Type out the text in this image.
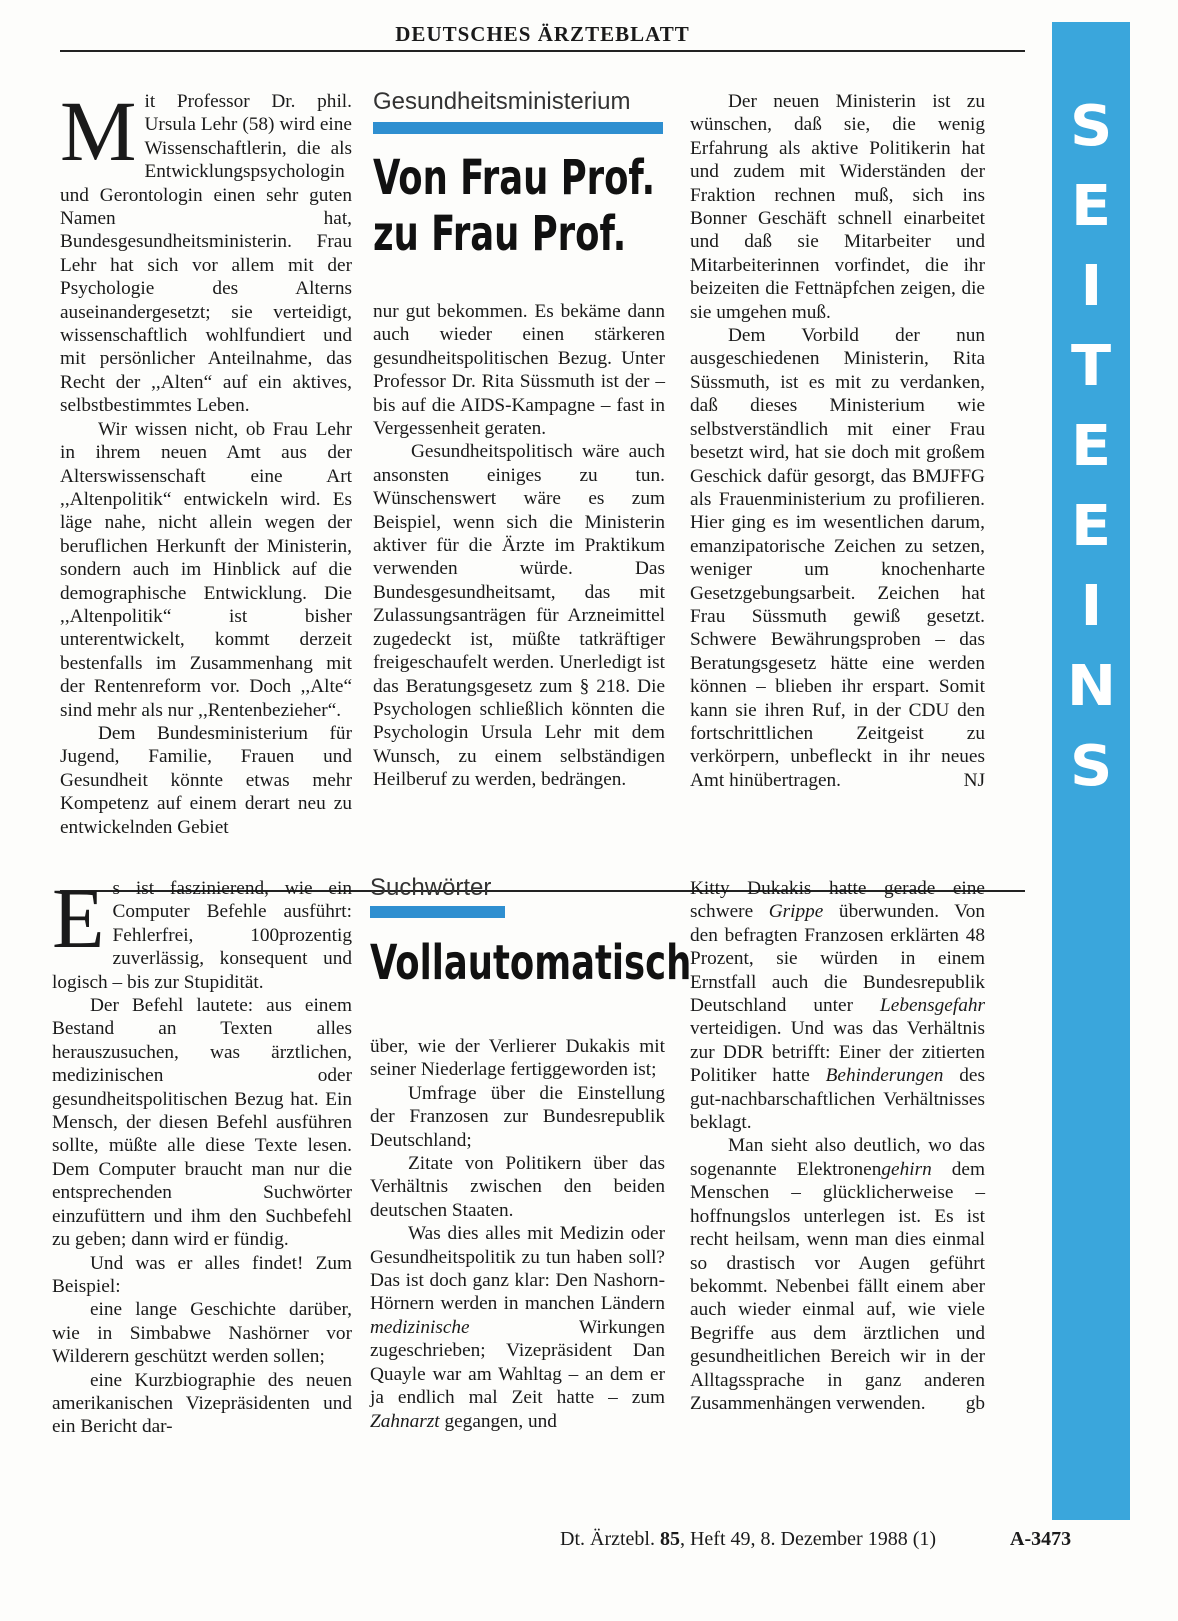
DEUTSCHES ÄRZTEBLATT
S
E
I
T
E
E
I
N
S

Mit Professor Dr. phil. Ursula Lehr (58) wird eine Wissenschaftlerin, die als Entwicklungspsychologin und Gerontologin einen sehr guten Namen hat, Bundesgesundheitsministerin. Frau Lehr hat sich vor allem mit der Psychologie des Alterns auseinandergesetzt; sie verteidigt, wissenschaftlich wohlfundiert und mit persönlicher Anteilnahme, das Recht der ,,Alten“ auf ein aktives, selbstbestimmtes Leben.

Wir wissen nicht, ob Frau Lehr in ihrem neuen Amt aus der Alterswissenschaft eine Art ,,Altenpolitik“ entwickeln wird. Es läge nahe, nicht allein wegen der beruflichen Herkunft der Ministerin, sondern auch im Hinblick auf die demographische Entwicklung. Die ,,Altenpolitik“ ist bisher unterentwickelt, kommt derzeit bestenfalls im Zusammenhang mit der Rentenreform vor. Doch ,,Alte“ sind mehr als nur ,,Rentenbezieher“.

Dem Bundesministerium für Jugend, Familie, Frauen und Gesundheit könnte etwas mehr Kompetenz auf einem derart neu zu entwickelnden Gebiet

Gesundheitsministerium
Von Frau Prof.
zu Frau Prof.

nur gut bekommen. Es bekäme dann auch wieder einen stärkeren gesundheitspolitischen Bezug. Unter Professor Dr. Rita Süssmuth ist der – bis auf die AIDS-Kampagne – fast in Vergessenheit geraten.

Gesundheitspolitisch wäre auch ansonsten einiges zu tun. Wünschenswert wäre es zum Beispiel, wenn sich die Ministerin aktiver für die Ärzte im Praktikum verwenden würde. Das Bundesgesundheitsamt, das mit Zulassungsanträgen für Arzneimittel zugedeckt ist, müßte tatkräftiger freigeschaufelt werden. Unerledigt ist das Beratungsgesetz zum § 218. Die Psychologen schließlich könnten die Psychologin Ursula Lehr mit dem Wunsch, zu einem selbständigen Heilberuf zu werden, bedrängen.

Der neuen Ministerin ist zu wünschen, daß sie, die wenig Erfahrung als aktive Politikerin hat und zudem mit Widerständen der Fraktion rechnen muß, sich ins Bonner Geschäft schnell einarbeitet und daß sie Mitarbeiter und Mitarbeiterinnen vorfindet, die ihr beizeiten die Fettnäpfchen zeigen, die sie umgehen muß.

Dem Vorbild der nun ausgeschiedenen Ministerin, Rita Süssmuth, ist es mit zu verdanken, daß dieses Ministerium wie selbstverständlich mit einer Frau besetzt wird, hat sie doch mit großem Geschick dafür gesorgt, das BMJFFG als Frauenministerium zu profilieren. Hier ging es im wesentlichen darum, emanzipatorische Zeichen zu setzen, weniger um knochenharte Gesetzgebungsarbeit. Zeichen hat Frau Süssmuth gewiß gesetzt. Schwere Bewährungsproben – das Beratungsgesetz hätte eine werden können – blieben ihr erspart. Somit kann sie ihren Ruf, in der CDU den fortschrittlichen Zeitgeist zu verkörpern, unbefleckt in ihr neues Amt hinübertragen.	NJ

Es ist faszinierend, wie ein Computer Befehle ausführt: Fehlerfrei, 100prozentig zuverlässig, konsequent und logisch – bis zur Stupidität.

Der Befehl lautete: aus einem Bestand an Texten alles herauszusuchen, was ärztlichen, medizinischen oder gesundheitspolitischen Bezug hat. Ein Mensch, der diesen Befehl ausführen sollte, müßte alle diese Texte lesen. Dem Computer braucht man nur die entsprechenden Suchwörter einzufüttern und ihm den Suchbefehl zu geben; dann wird er fündig.

Und was er alles findet! Zum Beispiel:

eine lange Geschichte darüber, wie in Simbabwe Nashörner vor Wilderern geschützt werden sollen;

eine Kurzbiographie des neuen amerikanischen Vizepräsidenten und ein Bericht dar-

Suchwörter
Vollautomatisch

über, wie der Verlierer Dukakis mit seiner Niederlage fertiggeworden ist;

Umfrage über die Einstellung der Franzosen zur Bundesrepublik Deutschland;

Zitate von Politikern über das Verhältnis zwischen den beiden deutschen Staaten.

Was dies alles mit Medizin oder Gesundheitspolitik zu tun haben soll? Das ist doch ganz klar: Den Nashorn-Hörnern werden in manchen Ländern medizinische Wirkungen zugeschrieben; Vizepräsident Dan Quayle war am Wahltag – an dem er ja endlich mal Zeit hatte – zum Zahnarzt gegangen, und

Kitty Dukakis hatte gerade eine schwere Grippe überwunden. Von den befragten Franzosen erklärten 48 Prozent, sie würden in einem Ernstfall auch die Bundesrepublik Deutschland unter Lebensgefahr verteidigen. Und was das Verhältnis zur DDR betrifft: Einer der zitierten Politiker hatte Behinderungen des gut-nachbarschaftlichen Verhältnisses beklagt.

Man sieht also deutlich, wo das sogenannte Elektronengehirn dem Menschen – glücklicherweise – hoffnungslos unterlegen ist. Es ist recht heilsam, wenn man dies einmal so drastisch vor Augen geführt bekommt. Nebenbei fällt einem aber auch wieder einmal auf, wie viele Begriffe aus dem ärztlichen und gesundheitlichen Bereich wir in der Alltagssprache in ganz anderen Zusammenhängen verwenden.	gb

Dt. Ärztebl. 85, Heft 49, 8. Dezember 1988 (1)	A-3473
